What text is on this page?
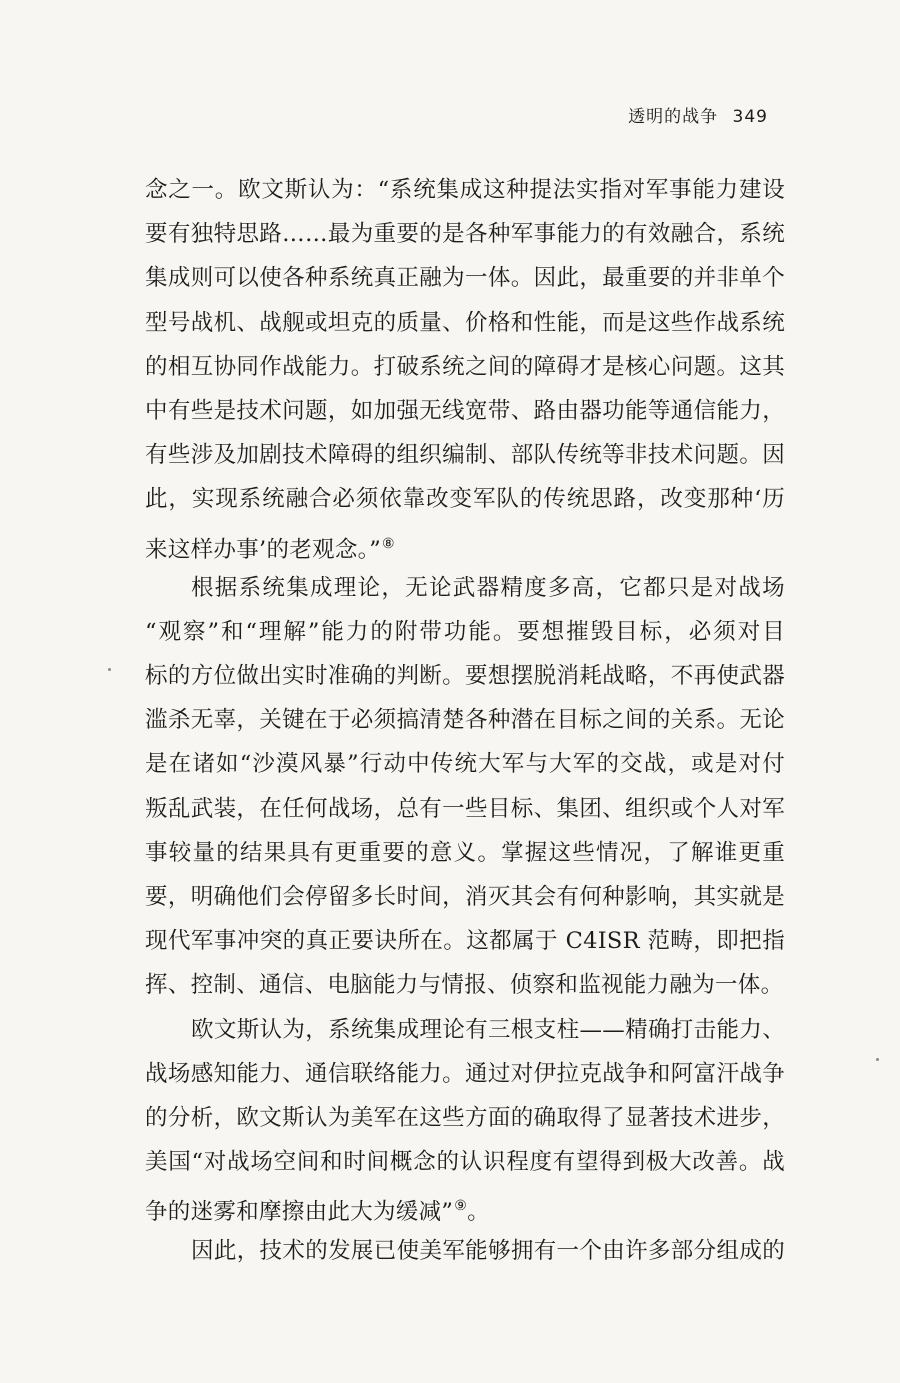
透明的战争 349
念之一。欧文斯认为：“系统集成这种提法实指对军事能力建设
要有独特思路……最为重要的是各种军事能力的有效融合，系统
集成则可以使各种系统真正融为一体。因此，最重要的并非单个
型号战机、战舰或坦克的质量、价格和性能，而是这些作战系统
的相互协同作战能力。打破系统之间的障碍才是核心问题。这其
中有些是技术问题，如加强无线宽带、路由器功能等通信能力，
有些涉及加剧技术障碍的组织编制、部队传统等非技术问题。因
此，实现系统融合必须依靠改变军队的传统思路，改变那种‘历
来这样办事’的老观念。”⑧
根据系统集成理论，无论武器精度多高，它都只是对战场
“观察”和“理解”能力的附带功能。要想摧毁目标，必须对目
标的方位做出实时准确的判断。要想摆脱消耗战略，不再使武器
滥杀无辜，关键在于必须搞清楚各种潜在目标之间的关系。无论
是在诸如“沙漠风暴”行动中传统大军与大军的交战，或是对付
叛乱武装，在任何战场，总有一些目标、集团、组织或个人对军
事较量的结果具有更重要的意义。掌握这些情况，了解谁更重
要，明确他们会停留多长时间，消灭其会有何种影响，其实就是
现代军事冲突的真正要诀所在。这都属于 C4ISR 范畴，即把指
挥、控制、通信、电脑能力与情报、侦察和监视能力融为一体。
欧文斯认为，系统集成理论有三根支柱——精确打击能力、
战场感知能力、通信联络能力。通过对伊拉克战争和阿富汗战争
的分析，欧文斯认为美军在这些方面的确取得了显著技术进步，
美国“对战场空间和时间概念的认识程度有望得到极大改善。战
争的迷雾和摩擦由此大为缓减”⑨。
因此，技术的发展已使美军能够拥有一个由许多部分组成的
